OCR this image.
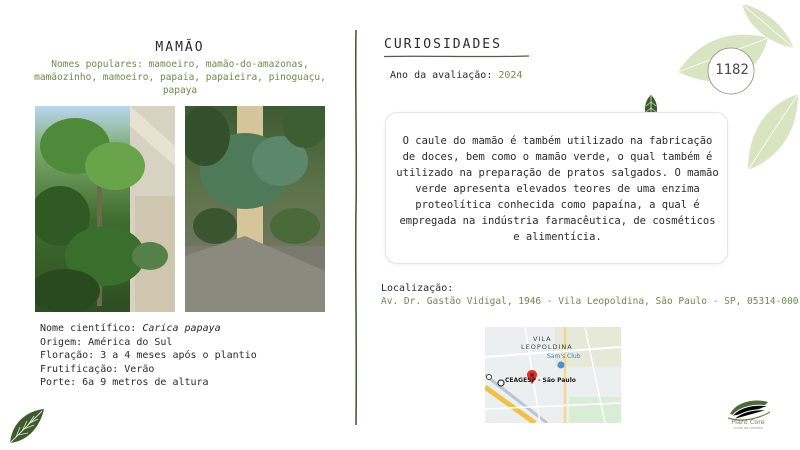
MAMÃO
Nomes populares: mamoeiro, mamão-do-amazonas, mamãozinho, mamoeiro, papaia, papaieira, pinoguaçu, papaya
Nome científico: Carica papaya
Origem: América do Sul
Floração: 3 a 4 meses após o plantio
Frutificação: Verão
Porte: 6a 9 metros de altura
CURIOSIDADES
Ano da avaliação: 2024
O caule do mamão é também utilizado na fabricação de doces, bem como o mamão verde, o qual também é utilizado na preparação de pratos salgados. O mamão verde apresenta elevados teores de uma enzima proteolítica conhecida como papaína, a qual é empregada na indústria farmacêutica, de cosméticos e alimentícia.
Localização:
Av. Dr. Gastão Vidigal, 1946 - Vila Leopoldina, São Paulo - SP, 05314-000
VILA
LEOPOLDINA
Sam's Club
CEAGESP - São Paulo
1182
Plant Core
cuida do planeta
